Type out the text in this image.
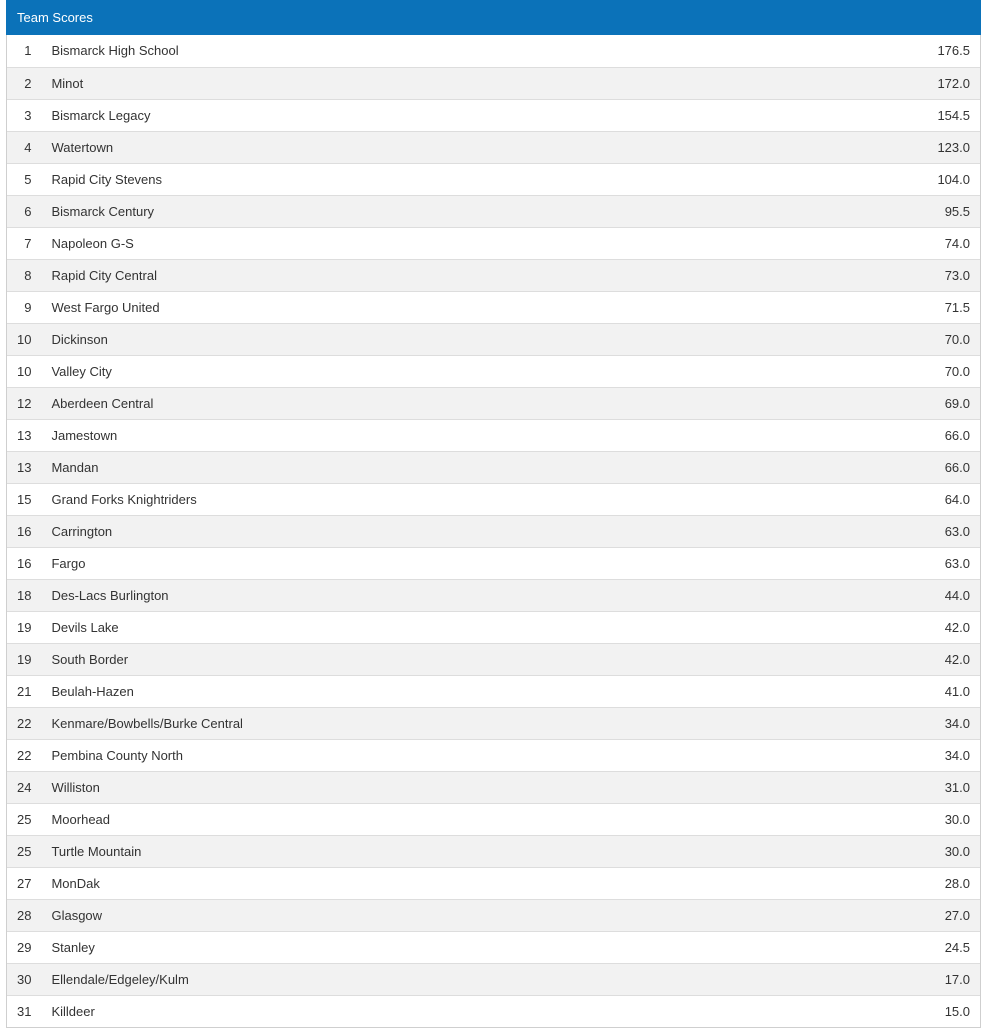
Team Scores
1	Bismarck High School	176.5
2	Minot	172.0
3	Bismarck Legacy	154.5
4	Watertown	123.0
5	Rapid City Stevens	104.0
6	Bismarck Century	95.5
7	Napoleon G-S	74.0
8	Rapid City Central	73.0
9	West Fargo United	71.5
10	Dickinson	70.0
10	Valley City	70.0
12	Aberdeen Central	69.0
13	Jamestown	66.0
13	Mandan	66.0
15	Grand Forks Knightriders	64.0
16	Carrington	63.0
16	Fargo	63.0
18	Des-Lacs Burlington	44.0
19	Devils Lake	42.0
19	South Border	42.0
21	Beulah-Hazen	41.0
22	Kenmare/Bowbells/Burke Central	34.0
22	Pembina County North	34.0
24	Williston	31.0
25	Moorhead	30.0
25	Turtle Mountain	30.0
27	MonDak	28.0
28	Glasgow	27.0
29	Stanley	24.5
30	Ellendale/Edgeley/Kulm	17.0
31	Killdeer	15.0
